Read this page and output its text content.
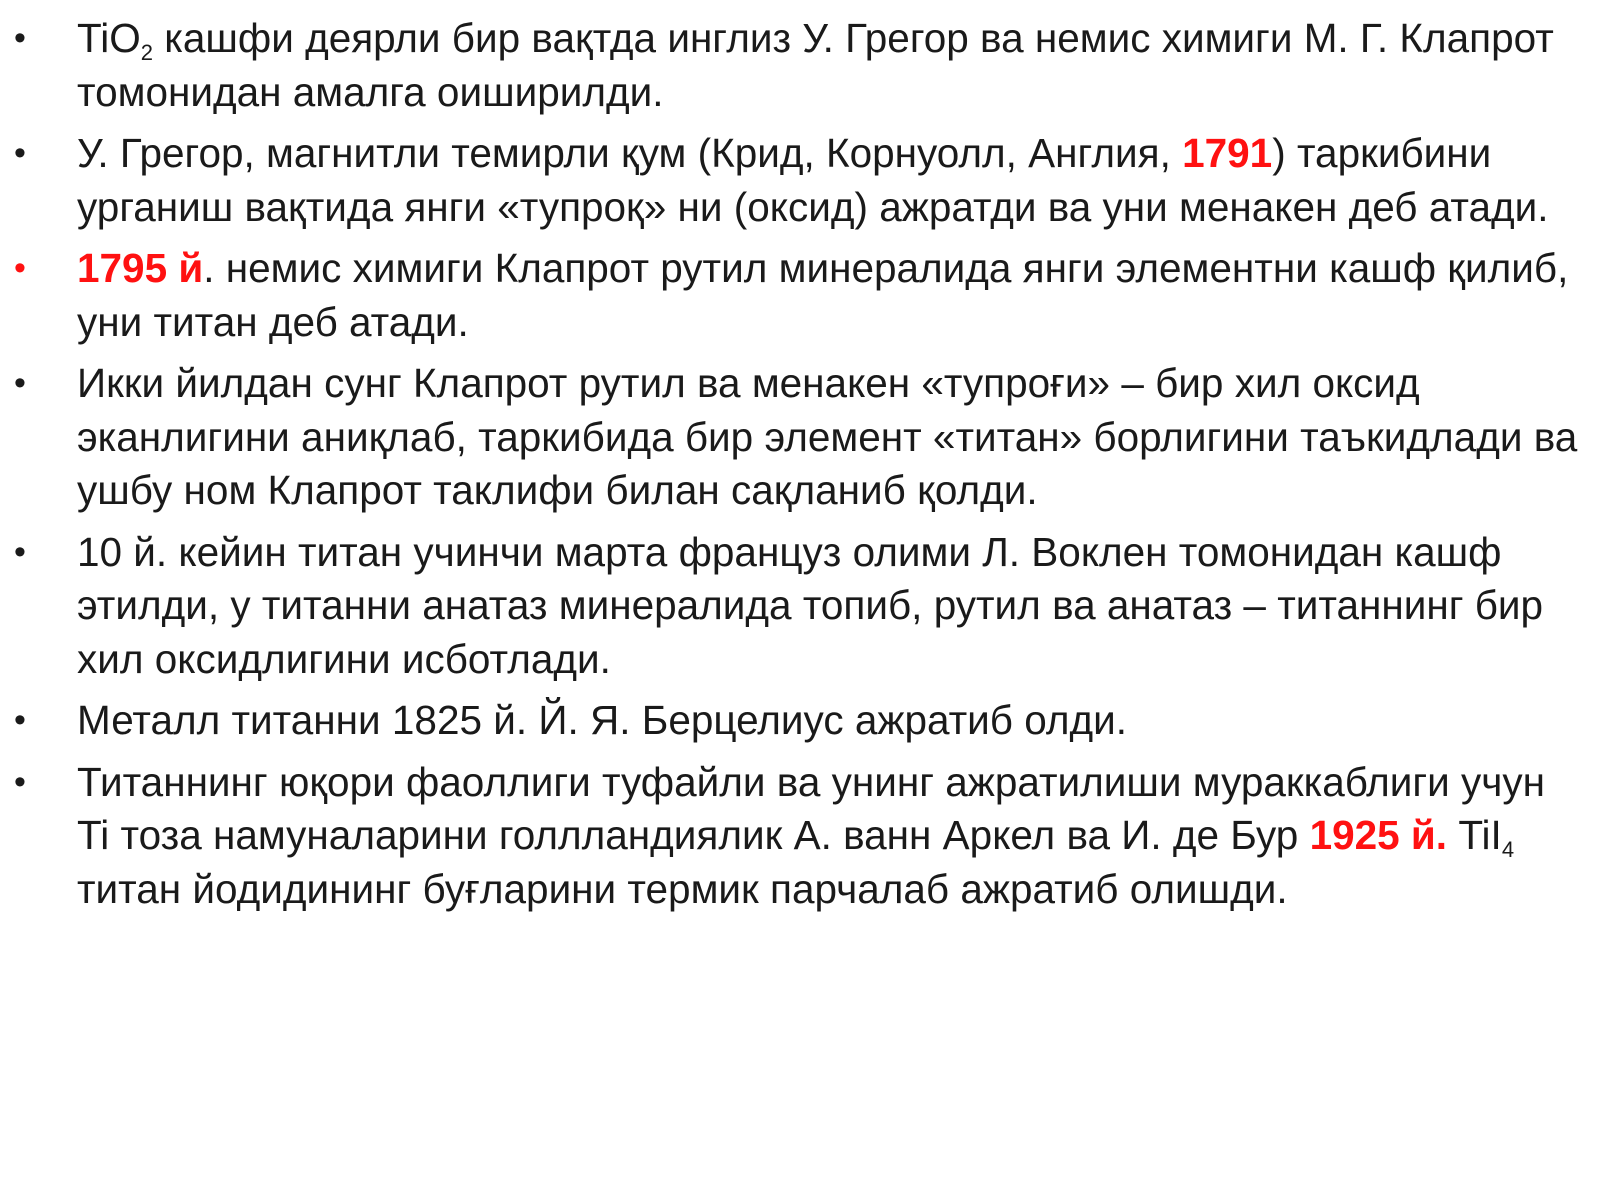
• TiO$_2$ кашфи деярли бир вақтда инглиз У. Грегор ва немис химиги М. Г. Клапрот томонидан амалга оиширилди.
• У. Грегор, магнитли темирли қум (Крид, Корнуолл, Англия, 1791) таркибини урганиш вақтида янги «тупроқ» ни (оксид) ажратди ва уни менакен деб атади.
• 1795 й. немис химиги Клапрот рутил минералида янги элементни кашф қилиб, уни титан деб атади.
• Икки йилдан сунг Клапрот рутил ва менакен «тупроғи» – бир хил оксид эканлигини аниқлаб, таркибида бир элемент «титан» борлигини таъкидлади ва ушбу ном Клапрот таклифи билан сақланиб қолди.
• 10 й. кейин титан учинчи марта француз олими Л. Воклен томонидан кашф этилди, у титанни анатаз минералида топиб, рутил ва анатаз – титаннинг бир хил оксидлигини исботлади.
• Металл титанни 1825 й. Й. Я. Берцелиус ажратиб олди.
• Титаннинг юқори фаоллиги туфайли ва унинг ажратилиши мураккаблиги учун Ti тоза намуналарини голлландиялик А. ванн Аркел ва И. де Бур 1925 й. TiI$_4$ титан йодидининг буғларини термик парчалаб ажратиб олишди.
